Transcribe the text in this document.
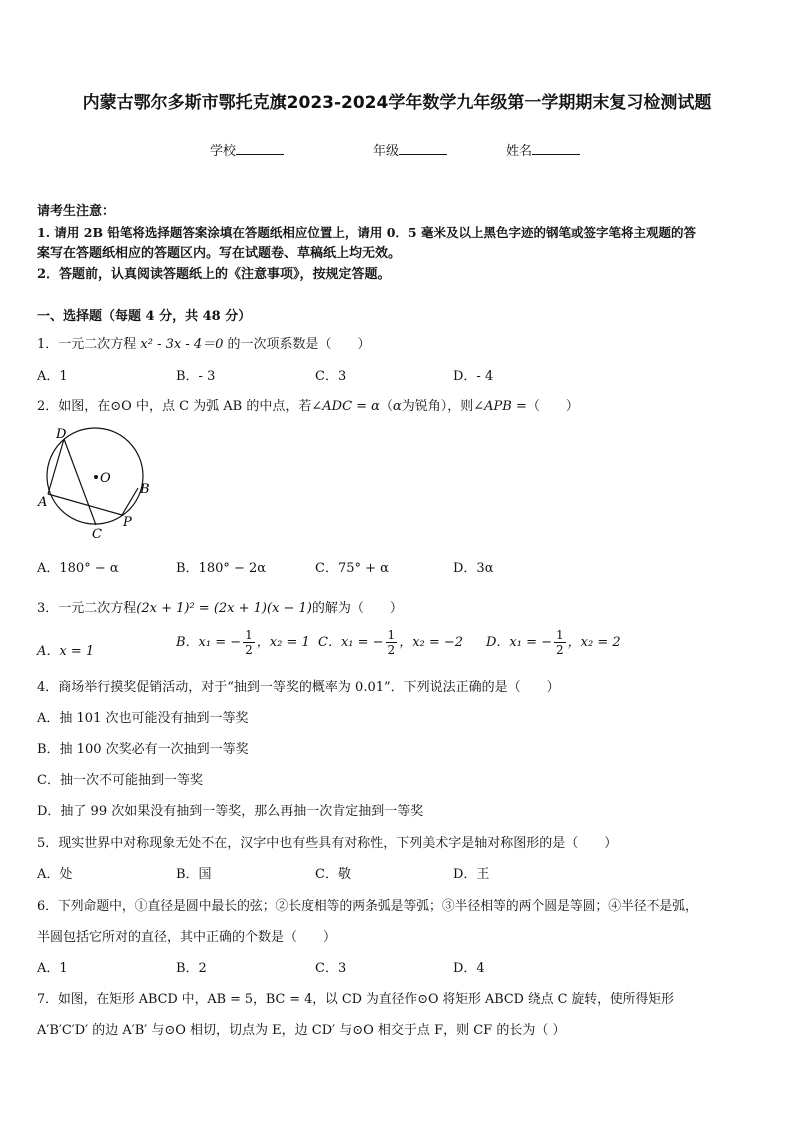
内蒙古鄂尔多斯市鄂托克旗2023-2024学年数学九年级第一学期期末复习检测试题
学校	年级	姓名
请考生注意：
1. 请用 2B 铅笔将选择题答案涂填在答题纸相应位置上，请用 0．5 毫米及以上黑色字迹的钢笔或签字笔将主观题的答
案写在答题纸相应的答题区内。写在试题卷、草稿纸上均无效。
2．答题前，认真阅读答题纸上的《注意事项》，按规定答题。
一、选择题（每题 4 分，共 48 分）
1．一元二次方程 x² - 3x - 4＝0 的一次项系数是（　　）
A．1	B．- 3	C．3	D．- 4
2．如图，在⊙O 中，点 C 为弧 AB 的中点，若∠ADC = α（α为锐角），则∠APB =（　　）
D
O
A
B
C
P
A．180° − α	B．180° − 2α	C．75° + α	D．3α
3．一元二次方程(2x + 1)² = (2x + 1)(x − 1)的解为（　　）
A．x = 1
B．x₁ = − $\frac{1}{2}$ ，x₂ = 1 C．x₁ = − $\frac{1}{2}$ ，x₂ = −2 D．x₁ = − $\frac{1}{2}$ ，x₂ = 2
4．商场举行摸奖促销活动，对于“抽到一等奖的概率为 0.01”．下列说法正确的是（　　）
A．抽 101 次也可能没有抽到一等奖
B．抽 100 次奖必有一次抽到一等奖
C．抽一次不可能抽到一等奖
D．抽了 99 次如果没有抽到一等奖，那么再抽一次肯定抽到一等奖
5．现实世界中对称现象无处不在，汉字中也有些具有对称性，下列美术字是轴对称图形的是（　　）
A．处	B．国	C．敬	D．王
6．下列命题中，①直径是圆中最长的弦；②长度相等的两条弧是等弧；③半径相等的两个圆是等圆；④半径不是弧，
半圆包括它所对的直径，其中正确的个数是（　　）
A．1	B．2	C．3	D．4
7．如图，在矩形 ABCD 中，AB = 5，BC = 4，以 CD 为直径作⊙O 将矩形 ABCD 绕点 C 旋转，使所得矩形
A′B′C′D′ 的边 A′B′ 与⊙O 相切，切点为 E，边 CD′ 与⊙O 相交于点 F，则 CF 的长为（ ）
